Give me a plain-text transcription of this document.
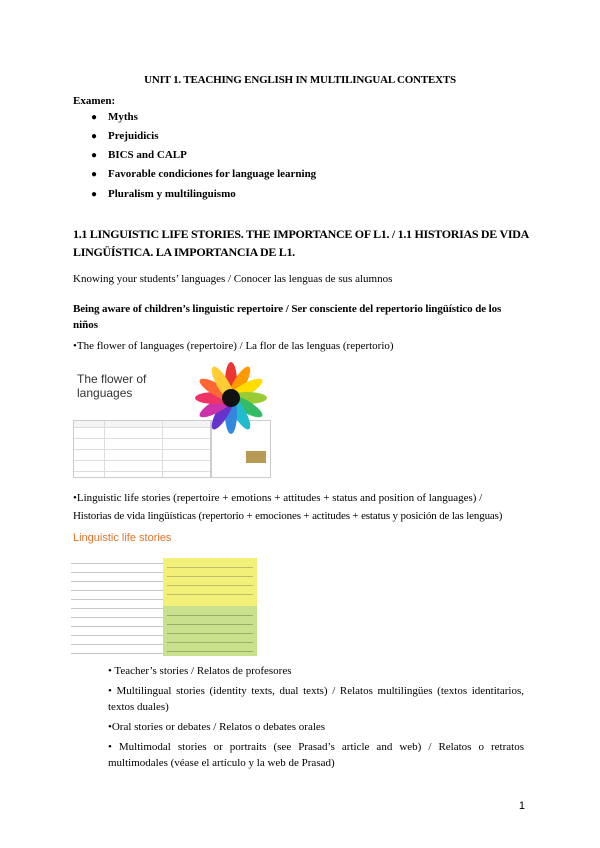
UNIT 1. TEACHING ENGLISH IN MULTILINGUAL CONTEXTS
Examen:
● Myths
● Prejuidicis
● BICS and CALP
● Favorable condiciones for language learning
● Pluralism y multilinguismo
1.1 LINGUISTIC LIFE STORIES. THE IMPORTANCE OF L1. / 1.1 HISTORIAS DE VIDA
LINGÜÍSTICA. LA IMPORTANCIA DE L1.
Knowing your students’ languages / Conocer las lenguas de sus alumnos
Being aware of children’s linguistic repertoire / Ser consciente del repertorio lingüístico de los
niños
•The flower of languages (repertoire) / La flor de las lenguas (repertorio)
The flower of languages
•Linguistic life stories (repertoire + emotions + attitudes + status and position of languages) /
Historias de vida lingüísticas (repertorio + emociones + actitudes + estatus y posición de las lenguas)
Linguistic life stories
• Teacher’s stories / Relatos de profesores
• Multilingual stories (identity texts, dual texts) / Relatos multilingües (textos identitarios, textos duales)
•Oral stories or debates / Relatos o debates orales
• Multimodal stories or portraits (see Prasad’s article and web) / Relatos o retratos multimodales (véase el artículo y la web de Prasad)
1
